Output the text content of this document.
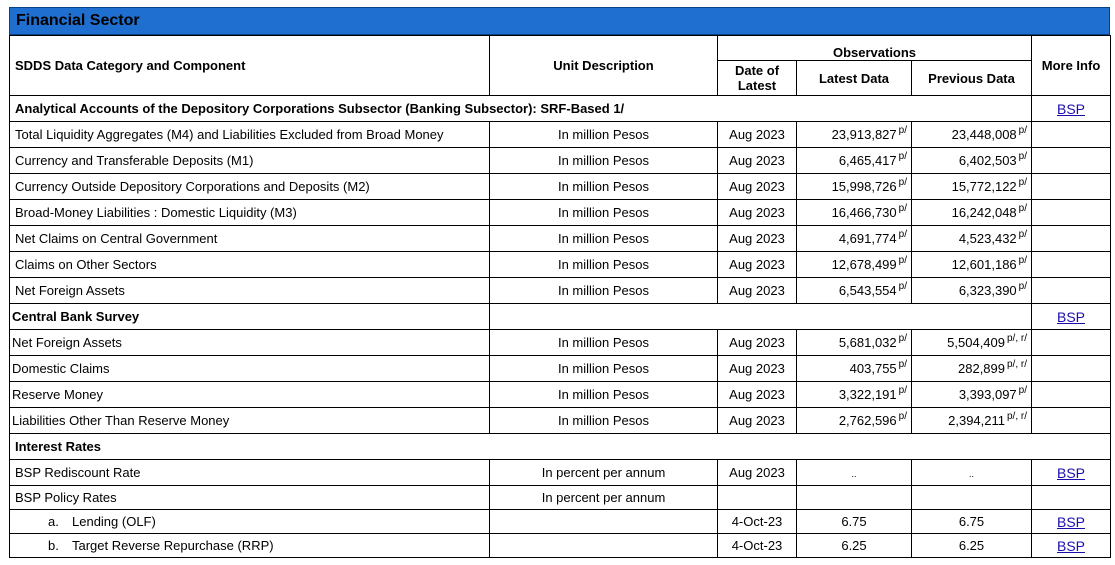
Financial Sector
SDDS Data Category and Component	Unit Description	Observations			More Info
		Date of Latest	Latest Data	Previous Data	
Analytical Accounts of the Depository Corporations Subsector (Banking Subsector): SRF-Based 1/					BSP
Total Liquidity Aggregates (M4) and Liabilities Excluded from Broad Money	In million Pesos	Aug 2023	23,913,827 $^{p/}$	23,448,008 $^{p/}$	
Currency and Transferable Deposits (M1)	In million Pesos	Aug 2023	6,465,417 $^{p/}$	6,402,503 $^{p/}$	
Currency Outside Depository Corporations and Deposits (M2)	In million Pesos	Aug 2023	15,998,726 $^{p/}$	15,772,122 $^{p/}$	
Broad-Money Liabilities : Domestic Liquidity (M3)	In million Pesos	Aug 2023	16,466,730 $^{p/}$	16,242,048 $^{p/}$	
Net Claims on Central Government	In million Pesos	Aug 2023	4,691,774 $^{p/}$	4,523,432 $^{p/}$	
Claims on Other Sectors	In million Pesos	Aug 2023	12,678,499 $^{p/}$	12,601,186 $^{p/}$	
Net Foreign Assets	In million Pesos	Aug 2023	6,543,554 $^{p/}$	6,323,390 $^{p/}$	
Central Bank Survey					BSP
Net Foreign Assets	In million Pesos	Aug 2023	5,681,032 $^{p/}$	5,504,409 $^{p/, r/}$	
Domestic Claims	In million Pesos	Aug 2023	403,755 $^{p/}$	282,899 $^{p/, r/}$	
Reserve Money	In million Pesos	Aug 2023	3,322,191 $^{p/}$	3,393,097 $^{p/}$	
Liabilities Other Than Reserve Money	In million Pesos	Aug 2023	2,762,596 $^{p/}$	2,394,211 $^{p/, r/}$	
Interest Rates					
BSP Rediscount Rate	In percent per annum	Aug 2023	..	..	BSP
BSP Policy Rates	In percent per annum				
a. Lending (OLF)		4-Oct-23	6.75	6.75	BSP
b. Target Reverse Repurchase (RRP)		4-Oct-23	6.25	6.25	BSP
